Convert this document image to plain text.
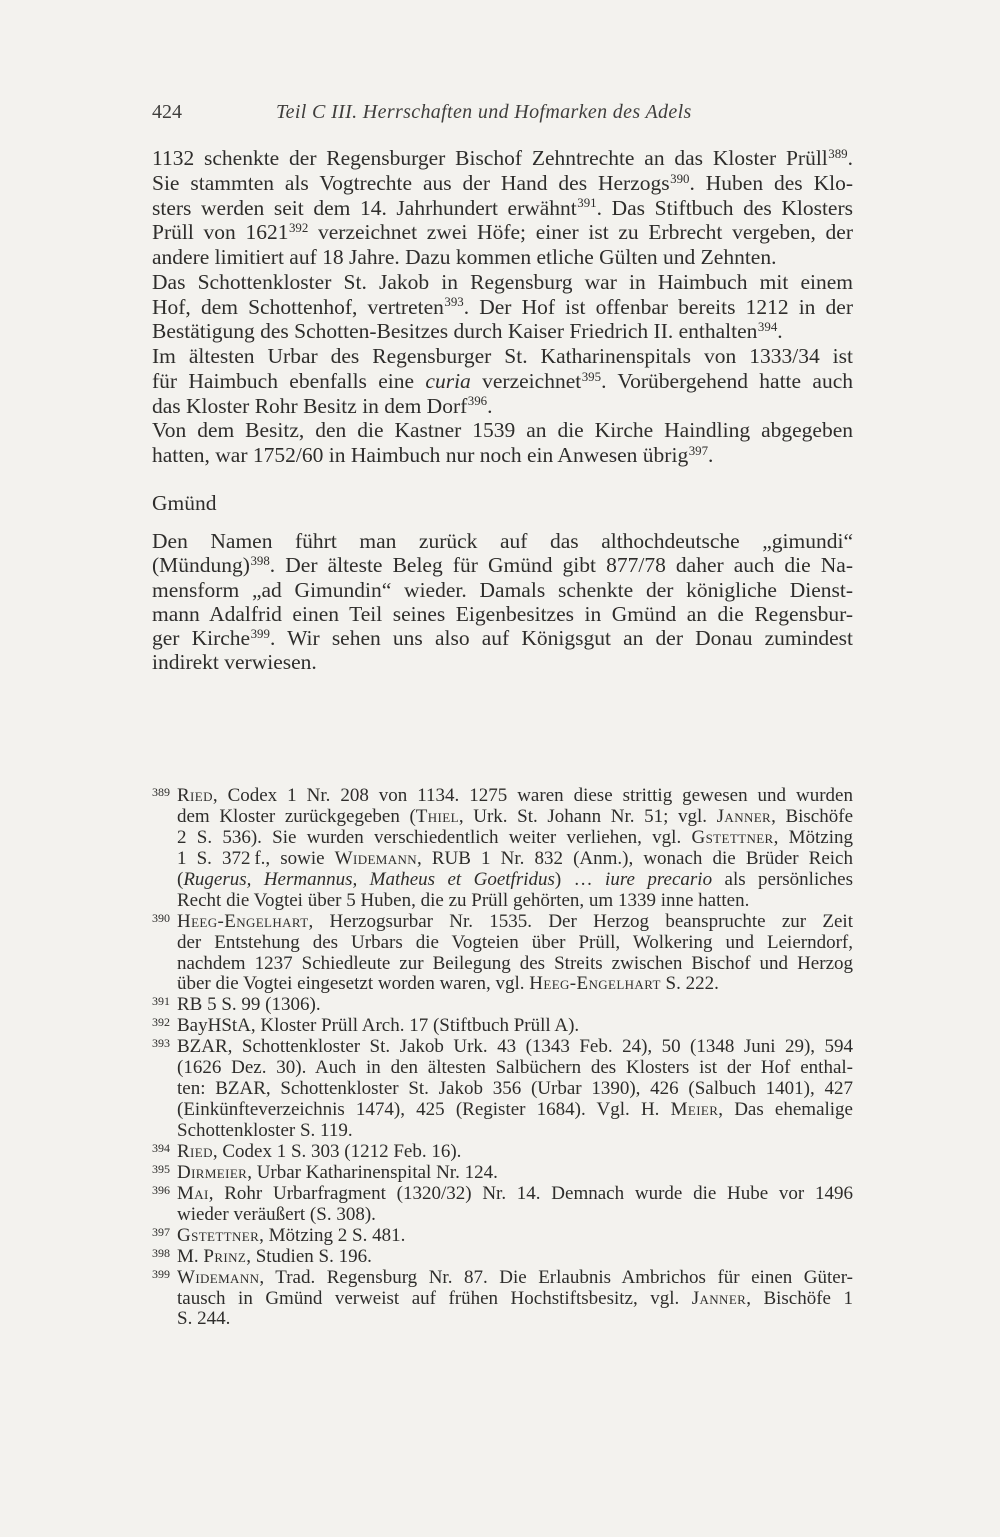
424	Teil C III. Herrschaften und Hofmarken des Adels
1132 schenkte der Regensburger Bischof Zehntrechte an das Kloster Prüll$^{389}$.
Sie stammten als Vogtrechte aus der Hand des Herzogs$^{390}$. Huben des Klo-
sters werden seit dem 14. Jahrhundert erwähnt$^{391}$. Das Stiftbuch des Klosters
Prüll von 1621$^{392}$ verzeichnet zwei Höfe; einer ist zu Erbrecht vergeben, der
andere limitiert auf 18 Jahre. Dazu kommen etliche Gülten und Zehnten.
Das Schottenkloster St. Jakob in Regensburg war in Haimbuch mit einem
Hof, dem Schottenhof, vertreten$^{393}$. Der Hof ist offenbar bereits 1212 in der
Bestätigung des Schotten-Besitzes durch Kaiser Friedrich II. enthalten$^{394}$.
Im ältesten Urbar des Regensburger St. Katharinenspitals von 1333/34 ist
für Haimbuch ebenfalls eine curia verzeichnet$^{395}$. Vorübergehend hatte auch
das Kloster Rohr Besitz in dem Dorf$^{396}$.
Von dem Besitz, den die Kastner 1539 an die Kirche Haindling abgegeben
hatten, war 1752/60 in Haimbuch nur noch ein Anwesen übrig$^{397}$.
Gmünd
Den Namen führt man zurück auf das althochdeutsche „gimundi“
(Mündung)$^{398}$. Der älteste Beleg für Gmünd gibt 877/78 daher auch die Na-
mensform „ad Gimundin“ wieder. Damals schenkte der königliche Dienst-
mann Adalfrid einen Teil seines Eigenbesitzes in Gmünd an die Regensbur-
ger Kirche$^{399}$. Wir sehen uns also auf Königsgut an der Donau zumindest
indirekt verwiesen.
389 Ried, Codex 1 Nr. 208 von 1134. 1275 waren diese strittig gewesen und wurden
dem Kloster zurückgegeben (Thiel, Urk. St. Johann Nr. 51; vgl. Janner, Bischöfe
2 S. 536). Sie wurden verschiedentlich weiter verliehen, vgl. Gstettner, Mötzing
1 S. 372 f., sowie Widemann, RUB 1 Nr. 832 (Anm.), wonach die Brüder Reich
(Rugerus, Hermannus, Matheus et Goetfridus) … iure precario als persönliches
Recht die Vogtei über 5 Huben, die zu Prüll gehörten, um 1339 inne hatten.
390 Heeg-Engelhart, Herzogsurbar Nr. 1535. Der Herzog beanspruchte zur Zeit
der Entstehung des Urbars die Vogteien über Prüll, Wolkering und Leierndorf,
nachdem 1237 Schiedleute zur Beilegung des Streits zwischen Bischof und Herzog
über die Vogtei eingesetzt worden waren, vgl. Heeg-Engelhart S. 222.
391 RB 5 S. 99 (1306).
392 BayHStA, Kloster Prüll Arch. 17 (Stiftbuch Prüll A).
393 BZAR, Schottenkloster St. Jakob Urk. 43 (1343 Feb. 24), 50 (1348 Juni 29), 594
(1626 Dez. 30). Auch in den ältesten Salbüchern des Klosters ist der Hof enthal-
ten: BZAR, Schottenkloster St. Jakob 356 (Urbar 1390), 426 (Salbuch 1401), 427
(Einkünfteverzeichnis 1474), 425 (Register 1684). Vgl. H. Meier, Das ehemalige
Schottenkloster S. 119.
394 Ried, Codex 1 S. 303 (1212 Feb. 16).
395 Dirmeier, Urbar Katharinenspital Nr. 124.
396 Mai, Rohr Urbarfragment (1320/32) Nr. 14. Demnach wurde die Hube vor 1496
wieder veräußert (S. 308).
397 Gstettner, Mötzing 2 S. 481.
398 M. Prinz, Studien S. 196.
399 Widemann, Trad. Regensburg Nr. 87. Die Erlaubnis Ambrichos für einen Güter-
tausch in Gmünd verweist auf frühen Hochstiftsbesitz, vgl. Janner, Bischöfe 1
S. 244.
